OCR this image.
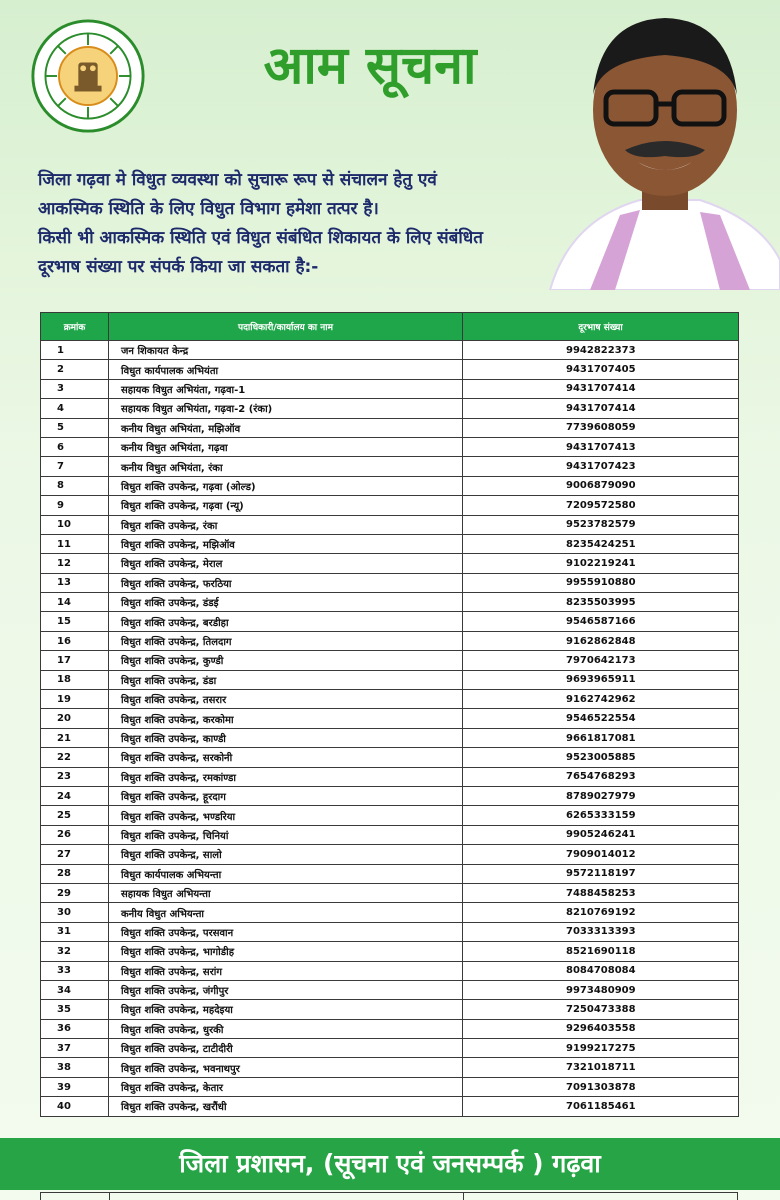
आम सूचना

जिला गढ़वा मे विधुत व्यवस्था को सुचारू रूप से संचालन हेतु एवं

आकस्मिक स्थिति के लिए विधुत विभाग हमेशा तत्पर है।

किसी भी आकस्मिक स्थिति एवं विधुत संबंधित शिकायत के लिए संबंधित

दूरभाष संख्या पर संपर्क किया जा सकता है:-

क्रमांक	पदाधिकारी/कार्यालय का नाम	दूरभाष संख्या
1	जन शिकायत केन्द्र	9942822373
2	विधुत कार्यपालक अभियंता	9431707405
3	सहायक विधुत अभियंता, गढ़वा-1	9431707414
4	सहायक विधुत अभियंता, गढ़वा-2 (रंका)	9431707414
5	कनीय विधुत अभियंता, मझिऑव	7739608059
6	कनीय विधुत अभियंता, गढ़वा	9431707413
7	कनीय विधुत अभियंता, रंका	9431707423
8	विधुत शक्ति उपकेन्द्र, गढ़वा (ओल्ड)	9006879090
9	विधुत शक्ति उपकेन्द्र, गढ़वा (न्यू)	7209572580
10	विधुत शक्ति उपकेन्द्र, रंका	9523782579
11	विधुत शक्ति उपकेन्द्र, मझिऑव	8235424251
12	विधुत शक्ति उपकेन्द्र, मेराल	9102219241
13	विधुत शक्ति उपकेन्द्र, फरठिया	9955910880
14	विधुत शक्ति उपकेन्द्र, डंडई	8235503995
15	विधुत शक्ति उपकेन्द्र, बरडीहा	9546587166
16	विधुत शक्ति उपकेन्द्र, तिलदाग	9162862848
17	विधुत शक्ति उपकेन्द्र, कुण्डी	7970642173
18	विधुत शक्ति उपकेन्द्र, डंडा	9693965911
19	विधुत शक्ति उपकेन्द्र, तसरार	9162742962
20	विधुत शक्ति उपकेन्द्र, करकोमा	9546522554
21	विधुत शक्ति उपकेन्द्र, काण्डी	9661817081
22	विधुत शक्ति उपकेन्द्र, सरकोनी	9523005885
23	विधुत शक्ति उपकेन्द्र, रमकांण्डा	7654768293
24	विधुत शक्ति उपकेन्द्र, हूरदाग	8789027979
25	विधुत शक्ति उपकेन्द्र, भण्डरिया	6265333159
26	विधुत शक्ति उपकेन्द्र, चिनियां	9905246241
27	विधुत शक्ति उपकेन्द्र, सालो	7909014012
28	विधुत कार्यपालक अभियन्ता	9572118197
29	सहायक विधुत अभियन्ता	7488458253
30	कनीय विधुत अभियन्ता	8210769192
31	विधुत शक्ति उपकेन्द्र, परसवान	7033313393
32	विधुत शक्ति उपकेन्द्र, भागोडीह	8521690118
33	विधुत शक्ति उपकेन्द्र, सरांग	8084708084
34	विधुत शक्ति उपकेन्द्र, जंगीपुर	9973480909
35	विधुत शक्ति उपकेन्द्र, महदेइया	7250473388
36	विधुत शक्ति उपकेन्द्र, धुरकी	9296403558
37	विधुत शक्ति उपकेन्द्र, टाटीदीरी	9199217275
38	विधुत शक्ति उपकेन्द्र, भवनाथपुर	7321018711
39	विधुत शक्ति उपकेन्द्र, केतार	7091303878
40	विधुत शक्ति उपकेन्द्र, खरौंधी	7061185461
जिला प्रशासन, (सूचना एवं जनसम्पर्क ) गढ़वा
